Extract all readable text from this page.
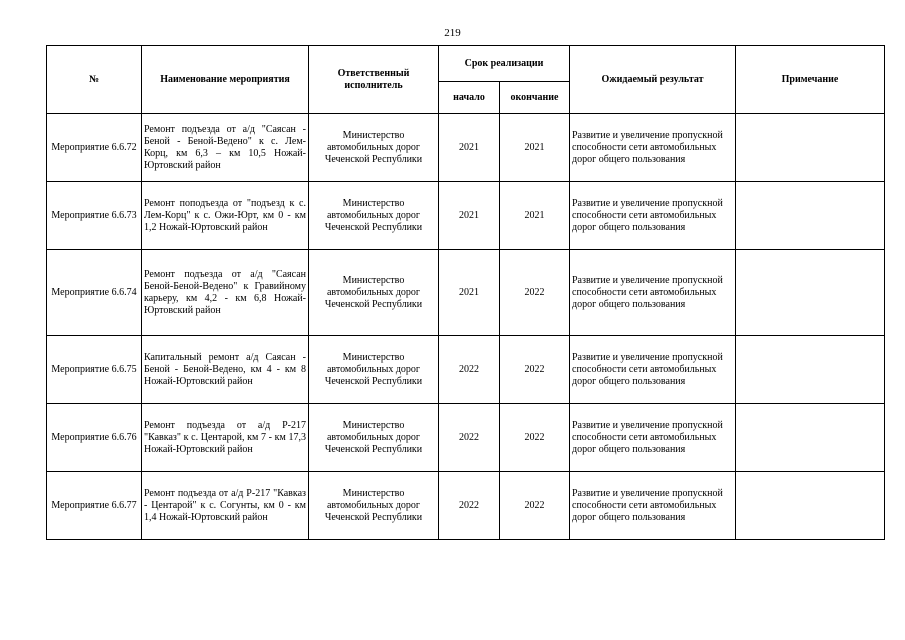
219
№	Наименование мероприятия	Ответственный исполнитель	Срок реализации		Ожидаемый результат	Примечание
			начало	окончание		
Мероприятие 6.6.72	Ремонт подъезда от а/д "Саясан - Беной - Беной-Ведено" к с. Лем-Корц, км 6,3 – км 10,5 Ножай-Юртовский район	Министерство автомобильных дорог Чеченской Республики	2021	2021	Развитие и увеличение пропускной способности сети автомобильных дорог общего пользования	
Мероприятие 6.6.73	Ремонт поподъезда от "подъезд к с. Лем-Корц" к с. Ожи-Юрт, км 0 - км 1,2 Ножай-Юртовский район	Министерство автомобильных дорог Чеченской Республики	2021	2021	Развитие и увеличение пропускной способности сети автомобильных дорог общего пользования	
Мероприятие 6.6.74	Ремонт подъезда от а/д "Саясан Беной-Беной-Ведено" к Гравийному карьеру, км 4,2 - км 6,8 Ножай-Юртовский район	Министерство автомобильных дорог Чеченской Республики	2021	2022	Развитие и увеличение пропускной способности сети автомобильных дорог общего пользования	
Мероприятие 6.6.75	Капитальный ремонт а/д Саясан - Беной - Беной-Ведено, км 4 - км 8 Ножай-Юртовский район	Министерство автомобильных дорог Чеченской Республики	2022	2022	Развитие и увеличение пропускной способности сети автомобильных дорог общего пользования	
Мероприятие 6.6.76	Ремонт подъезда от а/д Р-217 "Кавказ" к с. Центарой, км 7 - км 17,3 Ножай-Юртовский район	Министерство автомобильных дорог Чеченской Республики	2022	2022	Развитие и увеличение пропускной способности сети автомобильных дорог общего пользования	
Мероприятие 6.6.77	Ремонт подъезда от а/д Р-217 "Кавказ - Центарой" к с. Согунты, км 0 - км 1,4 Ножай-Юртовский район	Министерство автомобильных дорог Чеченской Республики	2022	2022	Развитие и увеличение пропускной способности сети автомобильных дорог общего пользования	
